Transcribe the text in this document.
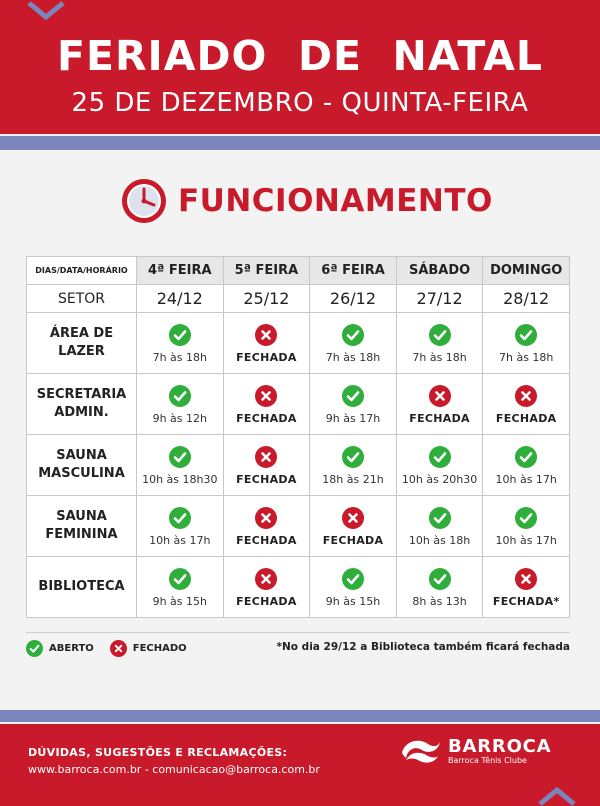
FERIADO  DE  NATAL
25 DE DEZEMBRO - QUINTA-FEIRA
FUNCIONAMENTO
DIAS/DATA/HORÁRIO	4ª FEIRA	5ª FEIRA	6ª FEIRA	SÁBADO	DOMINGO
SETOR	24/12	25/12	26/12	27/12	28/12
ÁREA DE
LAZER	7h às 18h	FECHADA	7h às 18h	7h às 18h	7h às 18h

SECRETARIA
ADMIN.	9h às 12h	FECHADA	9h às 17h	FECHADA	FECHADA

SAUNA
MASCULINA	10h às 18h30	FECHADA	18h às 21h	10h às 20h30	10h às 17h

SAUNA
FEMININA	10h às 17h	FECHADA	FECHADA	10h às 18h	10h às 17h

BIBLIOTECA	9h às 15h	FECHADA	9h às 15h	8h às 13h	FECHADA*
ABERTO	FECHADO	*No dia 29/12 a Biblioteca também ficará fechada
DÚVIDAS, SUGESTÕES E RECLAMAÇÕES:
www.barroca.com.br - comunicacao@barroca.com.br
BARROCA
Barroca Tênis Clube
